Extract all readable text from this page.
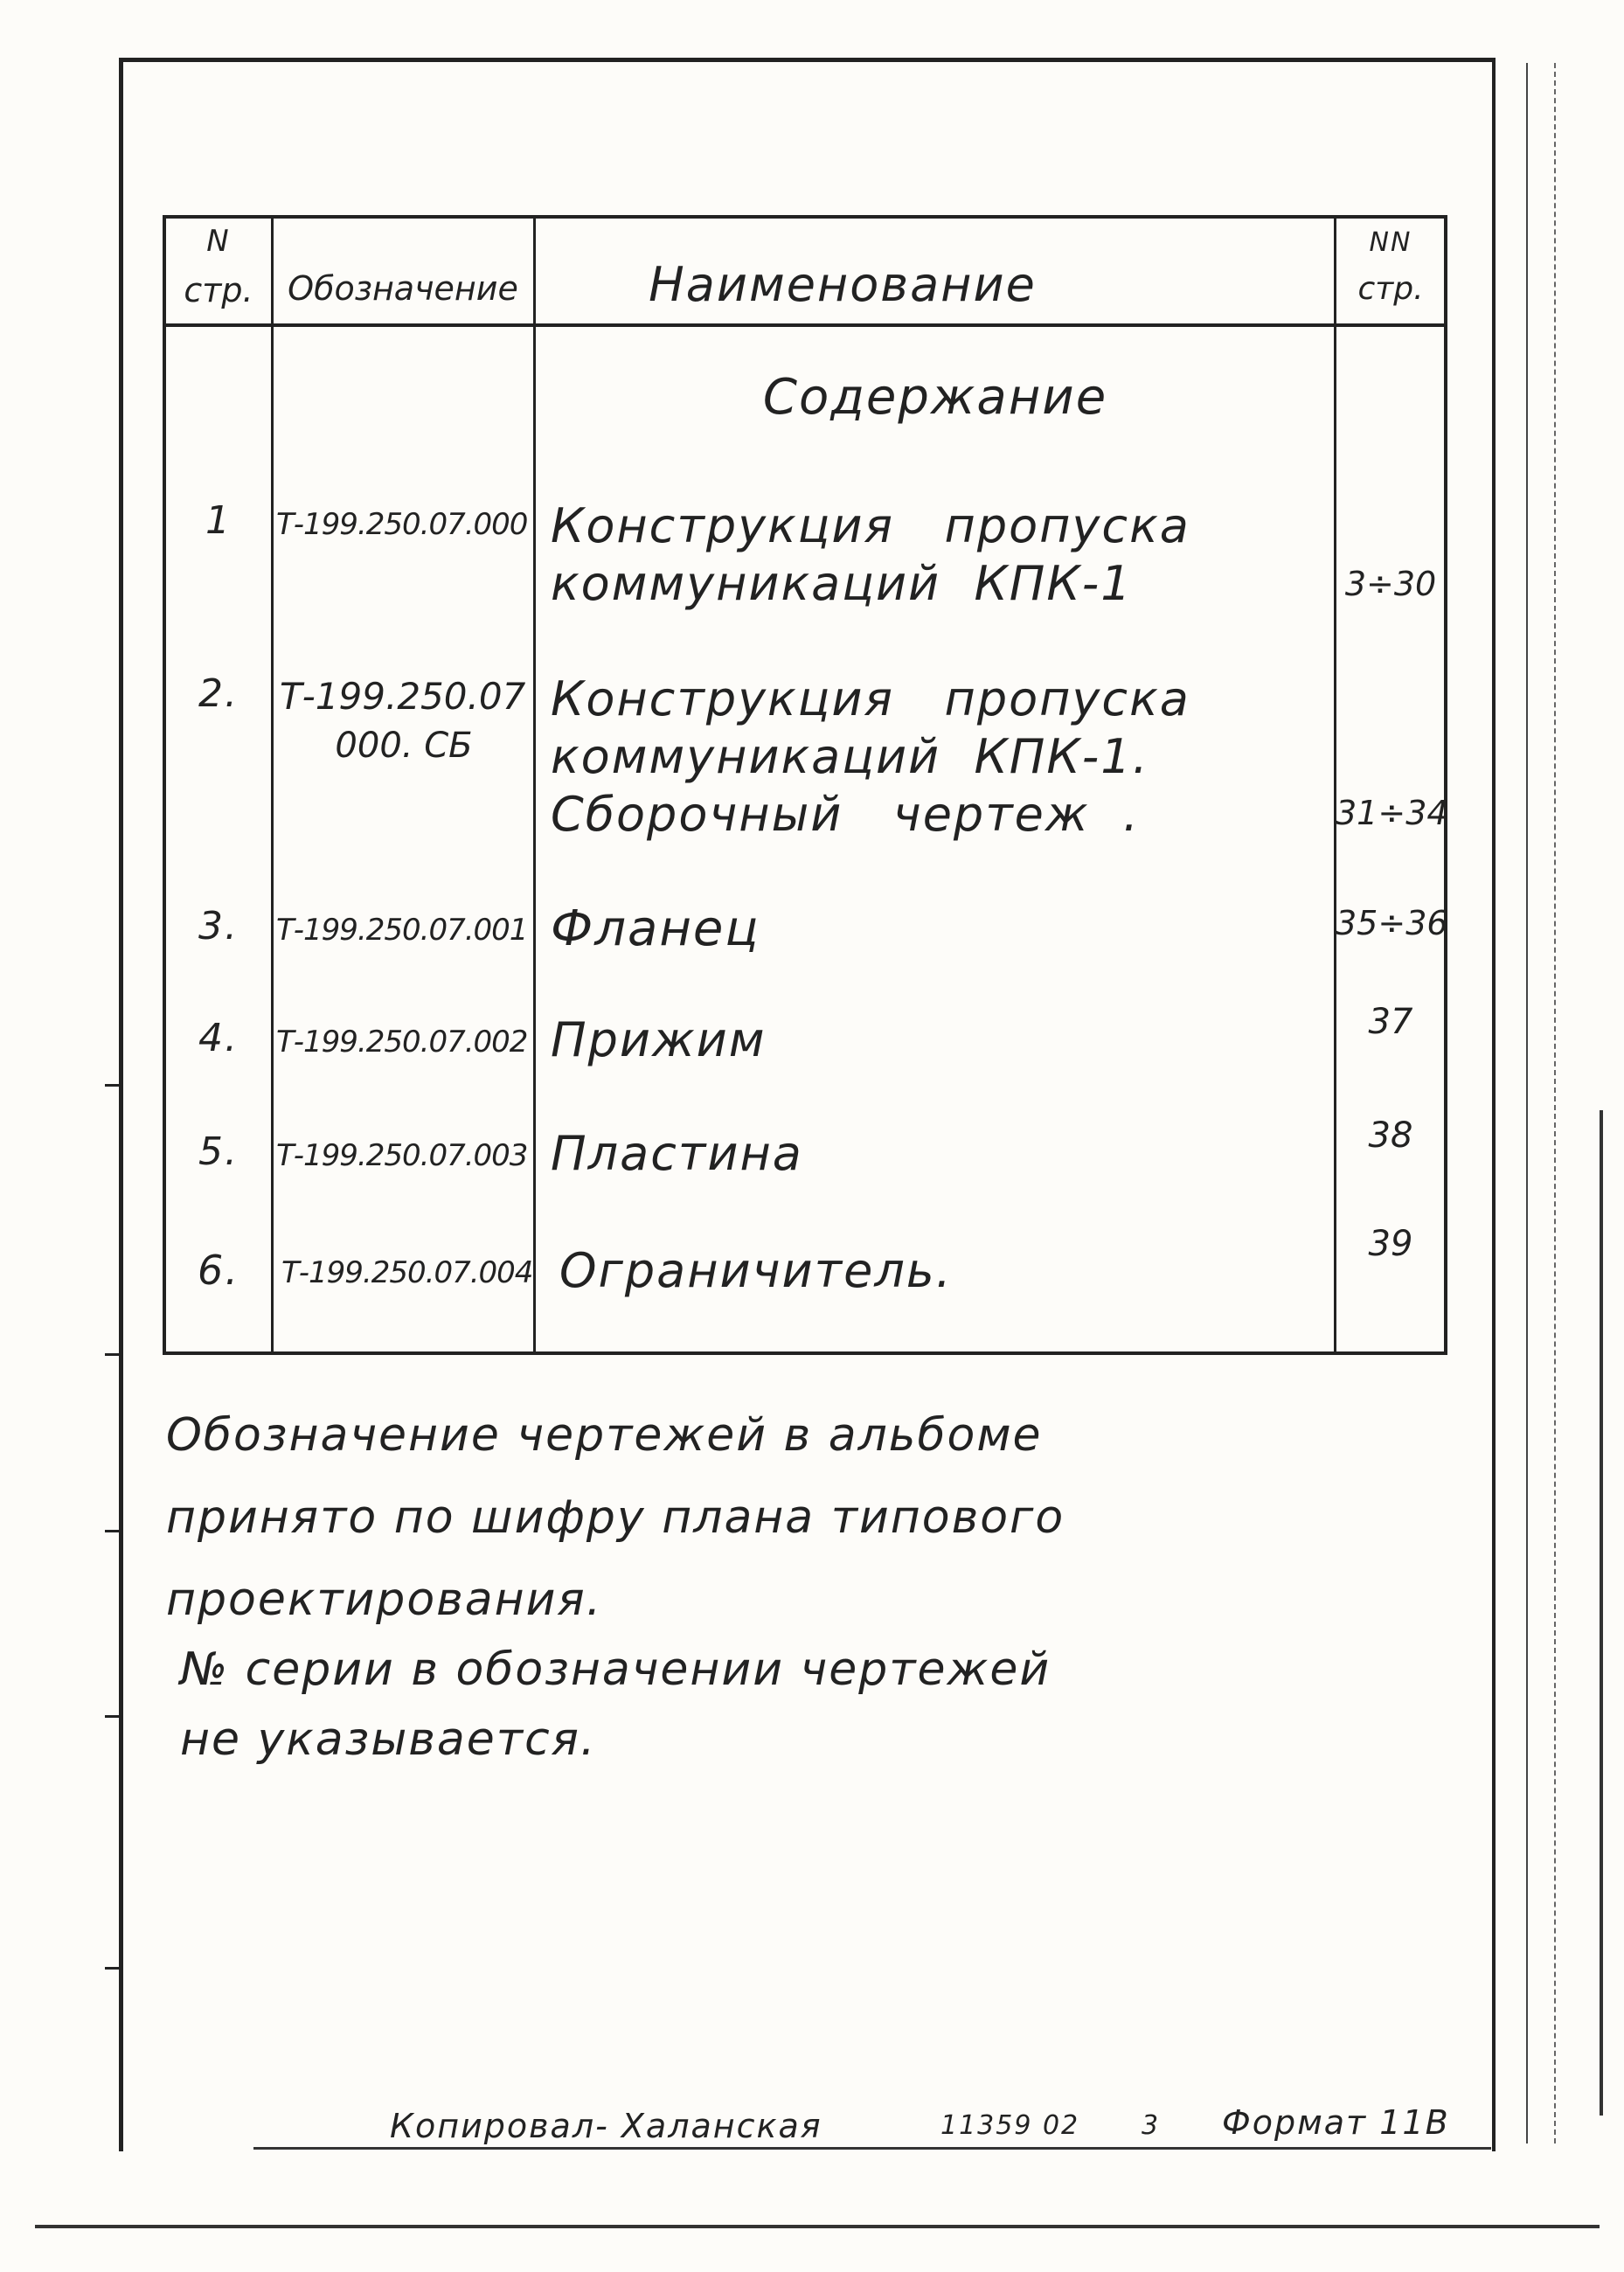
N
стр.	Обозначение	Наименование
NN
стр.
Содержание
1	Т-199.250.07.000 Конструкция   пропуска
коммуникаций  КПК-1	3÷30
2.	Т-199.250.07
000. СБ
Конструкция   пропуска
коммуникаций  КПК-1.
Сборочный   чертеж  .	31÷34
3.	Т-199.250.07.001 Фланец	35÷36
4.	Т-199.250.07.002 Прижим	37
5.	Т-199.250.07.003 Пластина	38
6.	Т-199.250.07.004 Ограничитель.	39
Обозначение чертежей в альбоме
принято по шифру плана типового
проектирования.
№ серии в обозначении чертежей
не указывается.
Копировал- Халанская	11359 02 3 Формат 11В
